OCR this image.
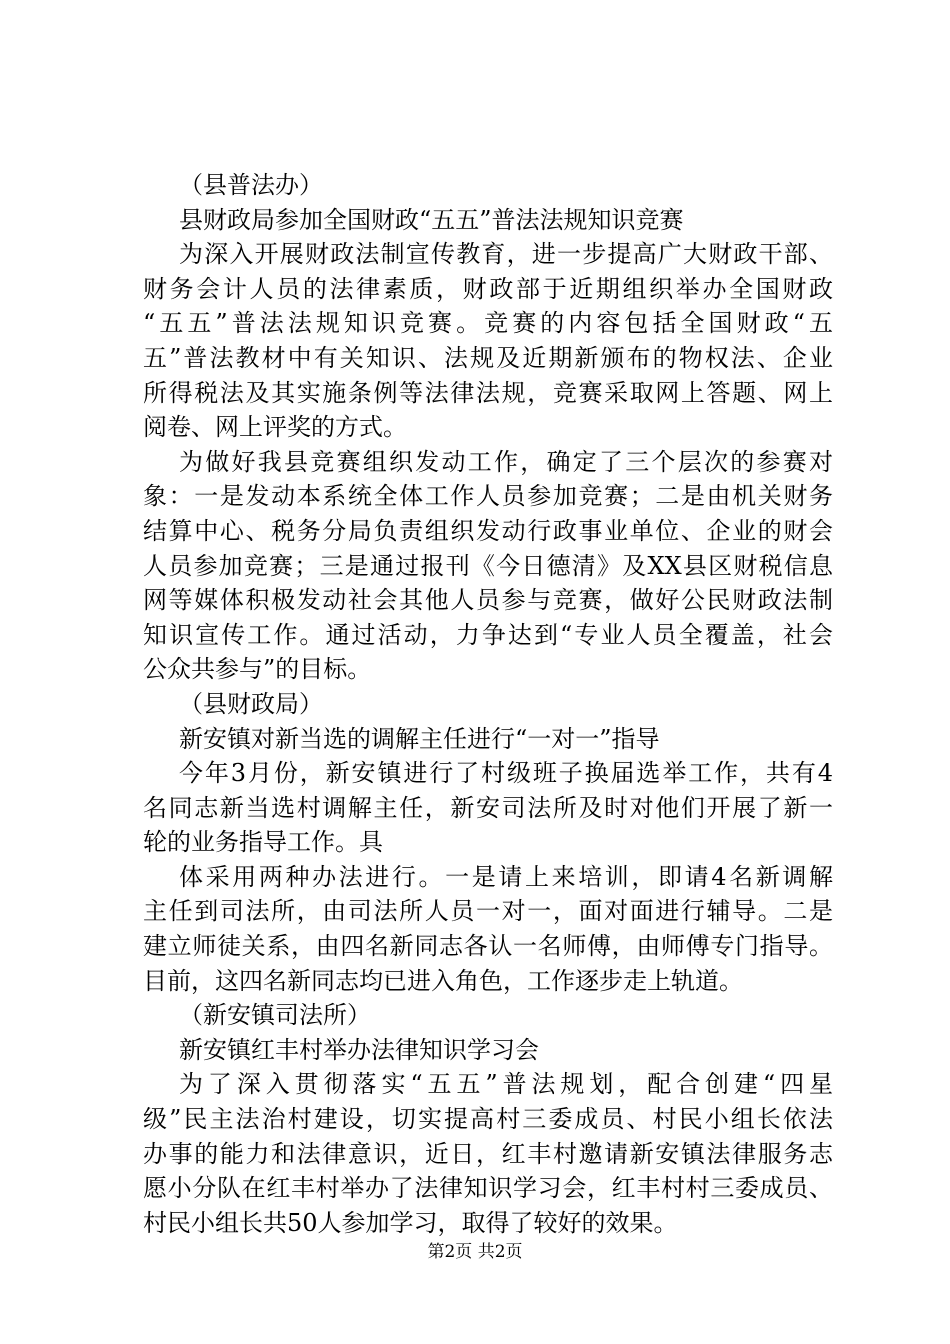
（县普法办）
县财政局参加全国财政“五五”普法法规知识竞赛
为深入开展财政法制宣传教育，进一步提高广大财政干部、
财务会计人员的法律素质，财政部于近期组织举办全国财政
“五五”普法法规知识竞赛。竞赛的内容包括全国财政“五
五”普法教材中有关知识、法规及近期新颁布的物权法、企业
所得税法及其实施条例等法律法规，竞赛采取网上答题、网上
阅卷、网上评奖的方式。
为做好我县竞赛组织发动工作，确定了三个层次的参赛对
象：一是发动本系统全体工作人员参加竞赛；二是由机关财务
结算中心、税务分局负责组织发动行政事业单位、企业的财会
人员参加竞赛；三是通过报刊《今日德清》及XX县区财税信息
网等媒体积极发动社会其他人员参与竞赛，做好公民财政法制
知识宣传工作。通过活动，力争达到“专业人员全覆盖，社会
公众共参与”的目标。
（县财政局）
新安镇对新当选的调解主任进行“一对一”指导
今年3月份，新安镇进行了村级班子换届选举工作，共有4
名同志新当选村调解主任，新安司法所及时对他们开展了新一
轮的业务指导工作。具
体采用两种办法进行。一是请上来培训，即请4名新调解
主任到司法所，由司法所人员一对一，面对面进行辅导。二是
建立师徒关系，由四名新同志各认一名师傅，由师傅专门指导。
目前，这四名新同志均已进入角色，工作逐步走上轨道。
（新安镇司法所）
新安镇红丰村举办法律知识学习会
为了深入贯彻落实“五五”普法规划，配合创建“四星
级”民主法治村建设，切实提高村三委成员、村民小组长依法
办事的能力和法律意识，近日，红丰村邀请新安镇法律服务志
愿小分队在红丰村举办了法律知识学习会，红丰村村三委成员、
村民小组长共50人参加学习，取得了较好的效果。
第2页 共2页
